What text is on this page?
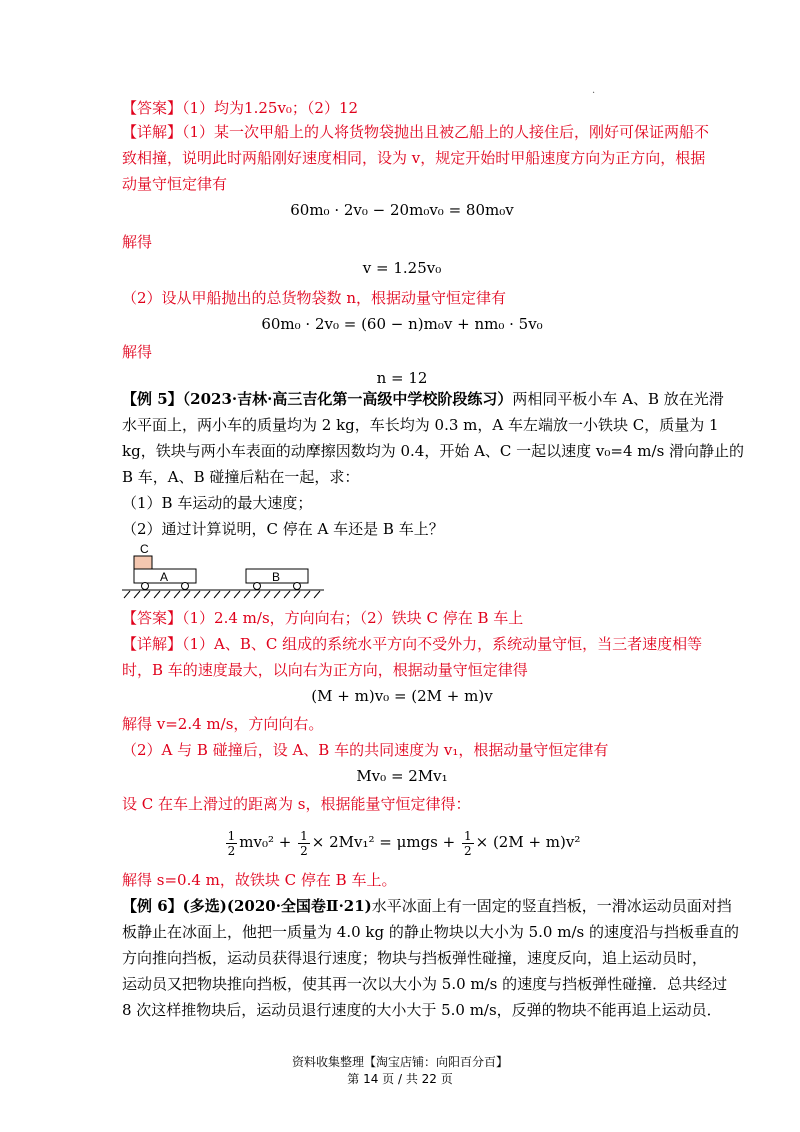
·
【答案】（1）均为1.25v₀；（2）12
【详解】（1）某一次甲船上的人将货物袋抛出且被乙船上的人接住后，刚好可保证两船不
致相撞，说明此时两船刚好速度相同，设为 v，规定开始时甲船速度方向为正方向，根据
动量守恒定律有
60m₀ · 2v₀ − 20m₀v₀ = 80m₀v
解得
v = 1.25v₀
（2）设从甲船抛出的总货物袋数 n，根据动量守恒定律有
60m₀ · 2v₀ = (60 − n)m₀v + nm₀ · 5v₀
解得
n = 12
【例 5】（2023·吉林·高三吉化第一高级中学校阶段练习）两相同平板小车 A、B 放在光滑
水平面上，两小车的质量均为 2 kg，车长均为 0.3 m，A 车左端放一小铁块 C，质量为 1
kg，铁块与两小车表面的动摩擦因数均为 0.4，开始 A、C 一起以速度 v₀=4 m/s 滑向静止的
B 车，A、B 碰撞后粘在一起，求：
（1）B 车运动的最大速度；
（2）通过计算说明，C 停在 A 车还是 B 车上？
C
A	B
【答案】（1）2.4 m/s，方向向右；（2）铁块 C 停在 B 车上
【详解】（1）A、B、C 组成的系统水平方向不受外力，系统动量守恒，当三者速度相等
时，B 车的速度最大，以向右为正方向，根据动量守恒定律得
(M + m)v₀ = (2M + m)v
解得 v=2.4 m/s，方向向右。
（2）A 与 B 碰撞后，设 A、B 车的共同速度为 v₁，根据动量守恒定律有
Mv₀ = 2Mv₁
设 C 在车上滑过的距离为 s，根据能量守恒定律得：
$\frac{1}{2} mv_0^2 + \frac{1}{2} \times 2Mv_1^2 = \mu mgs + \frac{1}{2} \times (2M + m)v^2$
解得 s=0.4 m，故铁块 C 停在 B 车上。
【例 6】(多选)(2020·全国卷Ⅱ·21)水平冰面上有一固定的竖直挡板，一滑冰运动员面对挡
板静止在冰面上，他把一质量为 4.0 kg 的静止物块以大小为 5.0 m/s 的速度沿与挡板垂直的
方向推向挡板，运动员获得退行速度；物块与挡板弹性碰撞，速度反向，追上运动员时，
运动员又把物块推向挡板，使其再一次以大小为 5.0 m/s 的速度与挡板弹性碰撞．总共经过
8 次这样推物块后，运动员退行速度的大小大于 5.0 m/s，反弹的物块不能再追上运动员．
资料收集整理【淘宝店铺：向阳百分百】
第 14 页 / 共 22 页
